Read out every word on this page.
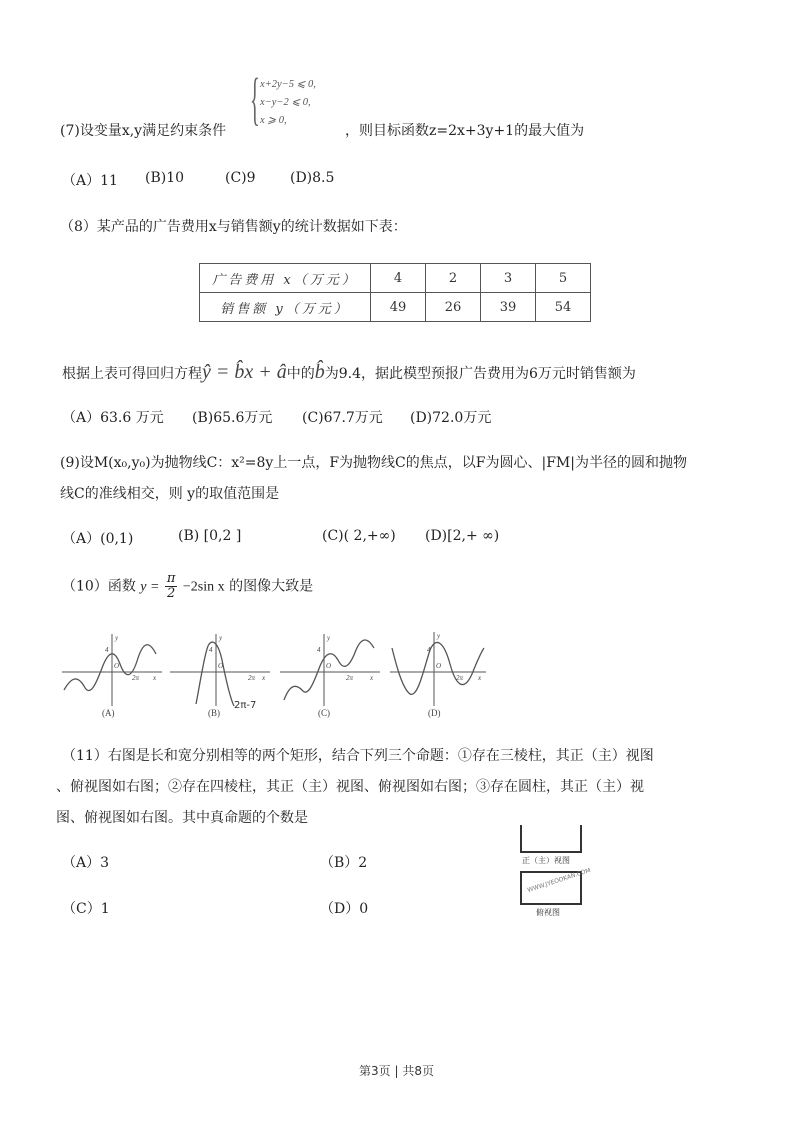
{ x+2y−5 ⩽ 0,
x−y−2 ⩽ 0,
x ⩾ 0,
(7)设变量x,y满足约束条件	，则目标函数z=2x+3y+1的最大值为
（A）11 (B)10	(C)9 (D)8.5
（8）某产品的广告费用x与销售额y的统计数据如下表：
广告费用 x（万元）	4	2	3	5
销售额 y（万元）	49	26	39	54
根据上表可得回归方程ŷ = b̂x + â中的b̂为9.4，据此模型预报广告费用为6万元时销售额为
（A）63.6 万元 (B)65.6万元 (C)67.7万元 (D)72.0万元
(9)设M(x₀,y₀)为抛物线C：x²=8y上一点，F为抛物线C的焦点，以F为圆心、|FM|为半径的圆和抛物
线C的准线相交，则 y的取值范围是
（A）(0,1)	(B) [0,2 ]	(C)( 2,+∞) (D)[2,+ ∞)
（10）函数 $y = \frac{\pi}{2} -2\sin$ x 的图像大致是
y
4
O
2π x
y
4
O
2π x
y
4
O
2π x
y
4
O
2π x
2π-7
(A)	(B)	(C)	(D)
（11）右图是长和宽分别相等的两个矩形，结合下列三个命题：①存在三棱柱，其正（主）视图
、俯视图如右图；②存在四棱柱，其正（主）视图、俯视图如右图；③存在圆柱，其正（主）视
图、俯视图如右图。其中真命题的个数是
（A）3	（B）2
（C）1	（D）0
正（主）视图
WWW.JYEOOKAN.COM
俯视图
第3页 | 共8页
